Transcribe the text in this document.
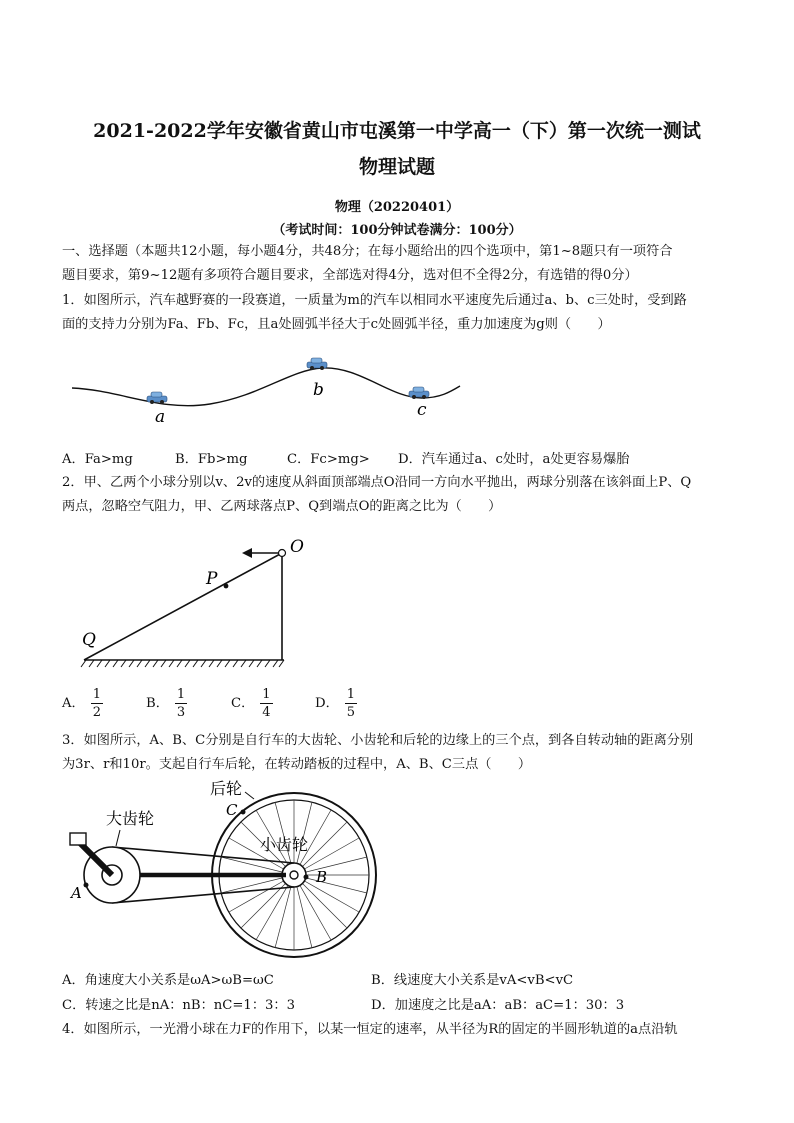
2021-2022学年安徽省黄山市屯溪第一中学高一（下）第一次统一测试
物理试题
物理（20220401）
（考试时间：100分钟试卷满分：100分）
一、选择题（本题共12小题，每小题4分，共48分；在每小题给出的四个选项中，第1~8题只有一项符合
题目要求，第9~12题有多项符合题目要求，全部选对得4分，选对但不全得2分，有选错的得0分）
1．如图所示，汽车越野赛的一段赛道，一质量为m的汽车以相同水平速度先后通过a、b、c三处时，受到路
面的支持力分别为Fa、Fb、Fc，且a处圆弧半径大于c处圆弧半径，重力加速度为g则（　　）
a
b
c
A．Fa>mg	B．Fb>mg	C．Fc>mg> D．汽车通过a、c处时，a处更容易爆胎
2．甲、乙两个小球分别以v、2v的速度从斜面顶部端点O沿同一方向水平抛出，两球分别落在该斜面上P、Q
两点，忽略空气阻力，甲、乙两球落点P、Q到端点O的距离之比为（　　）
O
P
Q
A． $\frac{1}{2}$	B． $\frac{1}{3}$	C． $\frac{1}{4}$	D． $\frac{1}{5}$
3．如图所示，A、B、C分别是自行车的大齿轮、小齿轮和后轮的边缘上的三个点，到各自转动轴的距离分别
为3r、r和10r。支起自行车后轮，在转动踏板的过程中，A、B、C三点（　　）
后轮
C
大齿轮
小齿轮
A
B
A．角速度大小关系是ωA>ωB=ωC	B．线速度大小关系是vA<vB<vC
C．转速之比是nA：nB：nC=1：3：3	D．加速度之比是aA：aB：aC=1：30：3
4．如图所示，一光滑小球在力F的作用下，以某一恒定的速率，从半径为R的固定的半圆形轨道的a点沿轨
